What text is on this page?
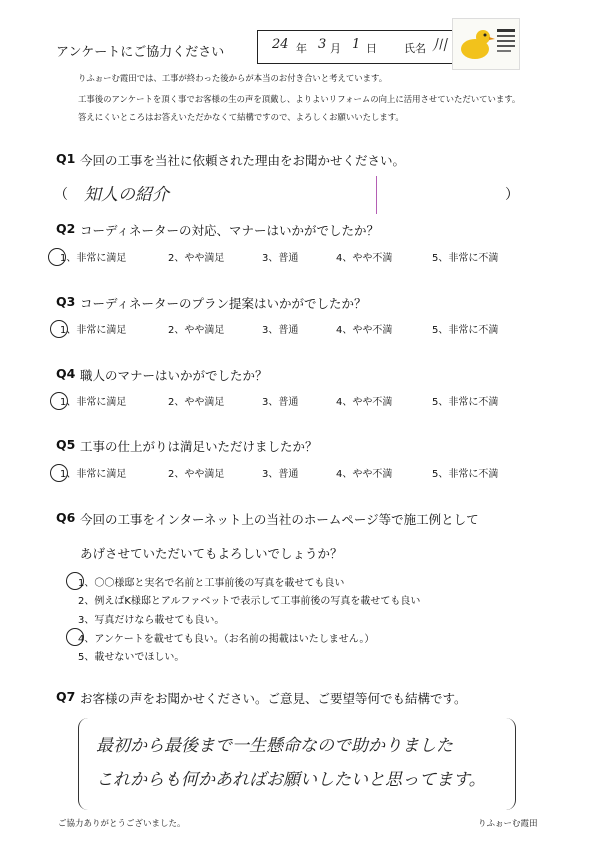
アンケートにご協力ください
24 年 3 月 1 日 氏名 川
りふぉーむ霞田では、工事が終わった後からが本当のお付き合いと考えています。
工事後のアンケートを頂く事でお客様の生の声を頂戴し、よりよいリフォームの向上に活用させていただいています。
答えにくいところはお答えいただかなくて結構ですので、よろしくお願いいたします。
Q1 今回の工事を当社に依頼された理由をお聞かせください。
（ 知人の紹介	）
Q2 コーディネーターの対応、マナーはいかがでしたか？
1、非常に満足	2、やや満足	3、普通	4、やや不満	5、非常に不満
Q3 コーディネーターのプラン提案はいかがでしたか？
1、非常に満足	2、やや満足	3、普通	4、やや不満	5、非常に不満
Q4 職人のマナーはいかがでしたか？
1、非常に満足	2、やや満足	3、普通	4、やや不満	5、非常に不満
Q5 工事の仕上がりは満足いただけましたか？
1、非常に満足	2、やや満足	3、普通	4、やや不満	5、非常に不満
Q6 今回の工事をインターネット上の当社のホームページ等で施工例として
あげさせていただいてもよろしいでしょうか？
1、〇〇様邸と実名で名前と工事前後の写真を載せても良い
2、例えばK様邸とアルファベットで表示して工事前後の写真を載せても良い
3、写真だけなら載せても良い。
4、アンケートを載せても良い。（お名前の掲載はいたしません。）
5、載せないでほしい。
Q7 お客様の声をお聞かせください。ご意見、ご要望等何でも結構です。
最初から最後まで一生懸命なので助かりました
これからも何かあればお願いしたいと思ってます。
ご協力ありがとうございました。	りふぉーむ霞田
